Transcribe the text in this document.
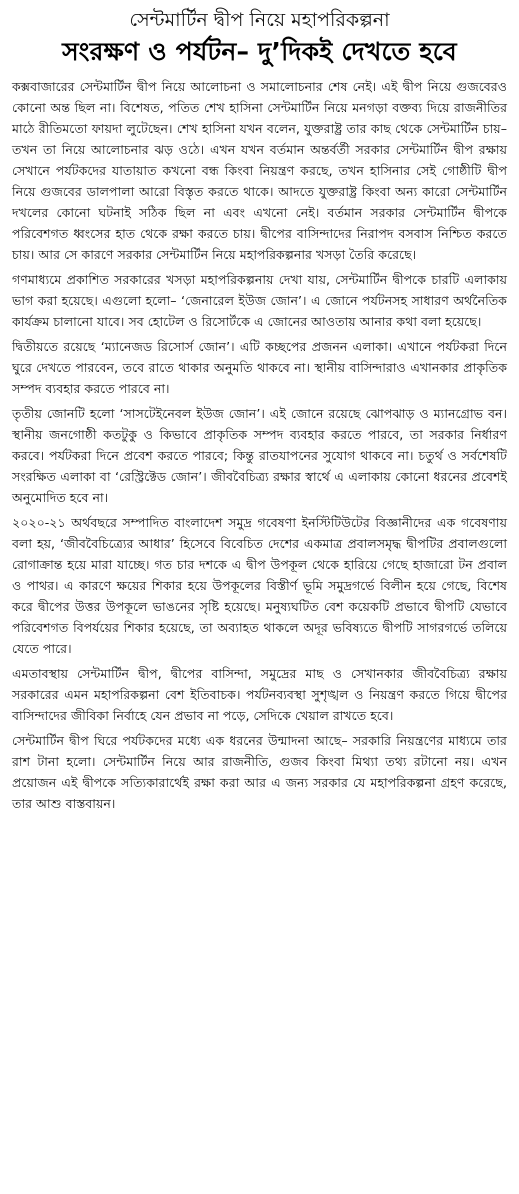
সেন্টমার্টিন দ্বীপ নিয়ে মহাপরিকল্পনা
সংরক্ষণ ও পর্যটন– দু’দিকই দেখতে হবে

কক্সবাজারের সেন্টমার্টিন দ্বীপ নিয়ে আলোচনা ও সমালোচনার শেষ নেই। এই দ্বীপ নিয়ে গুজবেরও কোনো অন্ত ছিল না। বিশেষত, পতিত শেখ হাসিনা সেন্টমার্টিন নিয়ে মনগড়া বক্তব্য দিয়ে রাজনীতির মাঠে রীতিমতো ফায়দা লুটেছেন। শেখ হাসিনা যখন বলেন, যুক্তরাষ্ট্র তার কাছ থেকে সেন্টমার্টিন চায়– তখন তা নিয়ে আলোচনার ঝড় ওঠে। এখন যখন বর্তমান অন্তর্বর্তী সরকার সেন্টমার্টিন দ্বীপ রক্ষায় সেখানে পর্যটকদের যাতায়াত কখনো বন্ধ কিংবা নিয়ন্ত্রণ করছে, তখন হাসিনার সেই গোষ্ঠীটি দ্বীপ নিয়ে গুজবের ডালপালা আরো বিস্তৃত করতে থাকে। আদতে যুক্তরাষ্ট্র কিংবা অন্য কারো সেন্টমার্টিন দখলের কোনো ঘটনাই সঠিক ছিল না এবং এখনো নেই। বর্তমান সরকার সেন্টমার্টিন দ্বীপকে পরিবেশগত ধ্বংসের হাত থেকে রক্ষা করতে চায়। দ্বীপের বাসিন্দাদের নিরাপদ বসবাস নিশ্চিত করতে চায়। আর সে কারণে সরকার সেন্টমার্টিন নিয়ে মহাপরিকল্পনার খসড়া তৈরি করেছে।

গণমাধ্যমে প্রকাশিত সরকারের খসড়া মহাপরিকল্পনায় দেখা যায়, সেন্টমার্টিন দ্বীপকে চারটি এলাকায় ভাগ করা হয়েছে। এগুলো হলো– ‘জেনারেল ইউজ জোন’। এ জোনে পর্যটনসহ সাধারণ অর্থনৈতিক কার্যক্রম চালানো যাবে। সব হোটেল ও রিসোর্টকে এ জোনের আওতায় আনার কথা বলা হয়েছে।

দ্বিতীয়তে রয়েছে ‘ম্যানেজড রিসোর্স জোন’। এটি কচ্ছপের প্রজনন এলাকা। এখানে পর্যটকরা দিনে ঘুরে দেখতে পারবেন, তবে রাতে থাকার অনুমতি থাকবে না। স্থানীয় বাসিন্দারাও এখানকার প্রাকৃতিক সম্পদ ব্যবহার করতে পারবে না।

তৃতীয় জোনটি হলো ‘সাসটেইনেবল ইউজ জোন’। এই জোনে রয়েছে ঝোপঝাড় ও ম্যানগ্রোভ বন। স্থানীয় জনগোষ্ঠী কতটুকু ও কিভাবে প্রাকৃতিক সম্পদ ব্যবহার করতে পারবে, তা সরকার নির্ধারণ করবে। পর্যটকরা দিনে প্রবেশ করতে পারবে; কিন্তু রাতযাপনের সুযোগ থাকবে না। চতুর্থ ও সর্বশেষটি সংরক্ষিত এলাকা বা ‘রেস্ট্রিক্টেড জোন’। জীববৈচিত্র্য রক্ষার স্বার্থে এ এলাকায় কোনো ধরনের প্রবেশই অনুমোদিত হবে না।

২০২০-২১ অর্থবছরে সম্পাদিত বাংলাদেশ সমুদ্র গবেষণা ইনস্টিটিউটের বিজ্ঞানীদের এক গবেষণায় বলা হয়, ‘জীববৈচিত্র্যের আধার’ হিসেবে বিবেচিত দেশের একমাত্র প্রবালসমৃদ্ধ দ্বীপটির প্রবালগুলো রোগাক্রান্ত হয়ে মারা যাচ্ছে। গত চার দশকে এ দ্বীপ উপকূল থেকে হারিয়ে গেছে হাজারো টন প্রবাল ও পাথর। এ কারণে ক্ষয়ের শিকার হয়ে উপকূলের বিস্তীর্ণ ভূমি সমুদ্রগর্ভে বিলীন হয়ে গেছে, বিশেষ করে দ্বীপের উত্তর উপকূলে ভাঙনের সৃষ্টি হয়েছে। মনুষ্যঘটিত বেশ কয়েকটি প্রভাবে দ্বীপটি যেভাবে পরিবেশগত বিপর্যয়ের শিকার হয়েছে, তা অব্যাহত থাকলে অদূর ভবিষ্যতে দ্বীপটি সাগরগর্ভে তলিয়ে যেতে পারে।

এমতাবস্থায় সেন্টমার্টিন দ্বীপ, দ্বীপের বাসিন্দা, সমুদ্রের মাছ ও সেখানকার জীববৈচিত্র্য রক্ষায় সরকারের এমন মহাপরিকল্পনা বেশ ইতিবাচক। পর্যটনব্যবস্থা সুশৃঙ্খল ও নিয়ন্ত্রণ করতে গিয়ে দ্বীপের বাসিন্দাদের জীবিকা নির্বাহে যেন প্রভাব না পড়ে, সেদিকে খেয়াল রাখতে হবে।

সেন্টমার্টিন দ্বীপ ঘিরে পর্যটকদের মধ্যে এক ধরনের উন্মাদনা আছে– সরকারি নিয়ন্ত্রণের মাধ্যমে তার রাশ টানা হলো। সেন্টমার্টিন নিয়ে আর রাজনীতি, গুজব কিংবা মিথ্যা তথ্য রটানো নয়। এখন প্রয়োজন এই দ্বীপকে সত্যিকারার্থেই রক্ষা করা আর এ জন্য সরকার যে মহাপরিকল্পনা গ্রহণ করেছে, তার আশু বাস্তবায়ন।
